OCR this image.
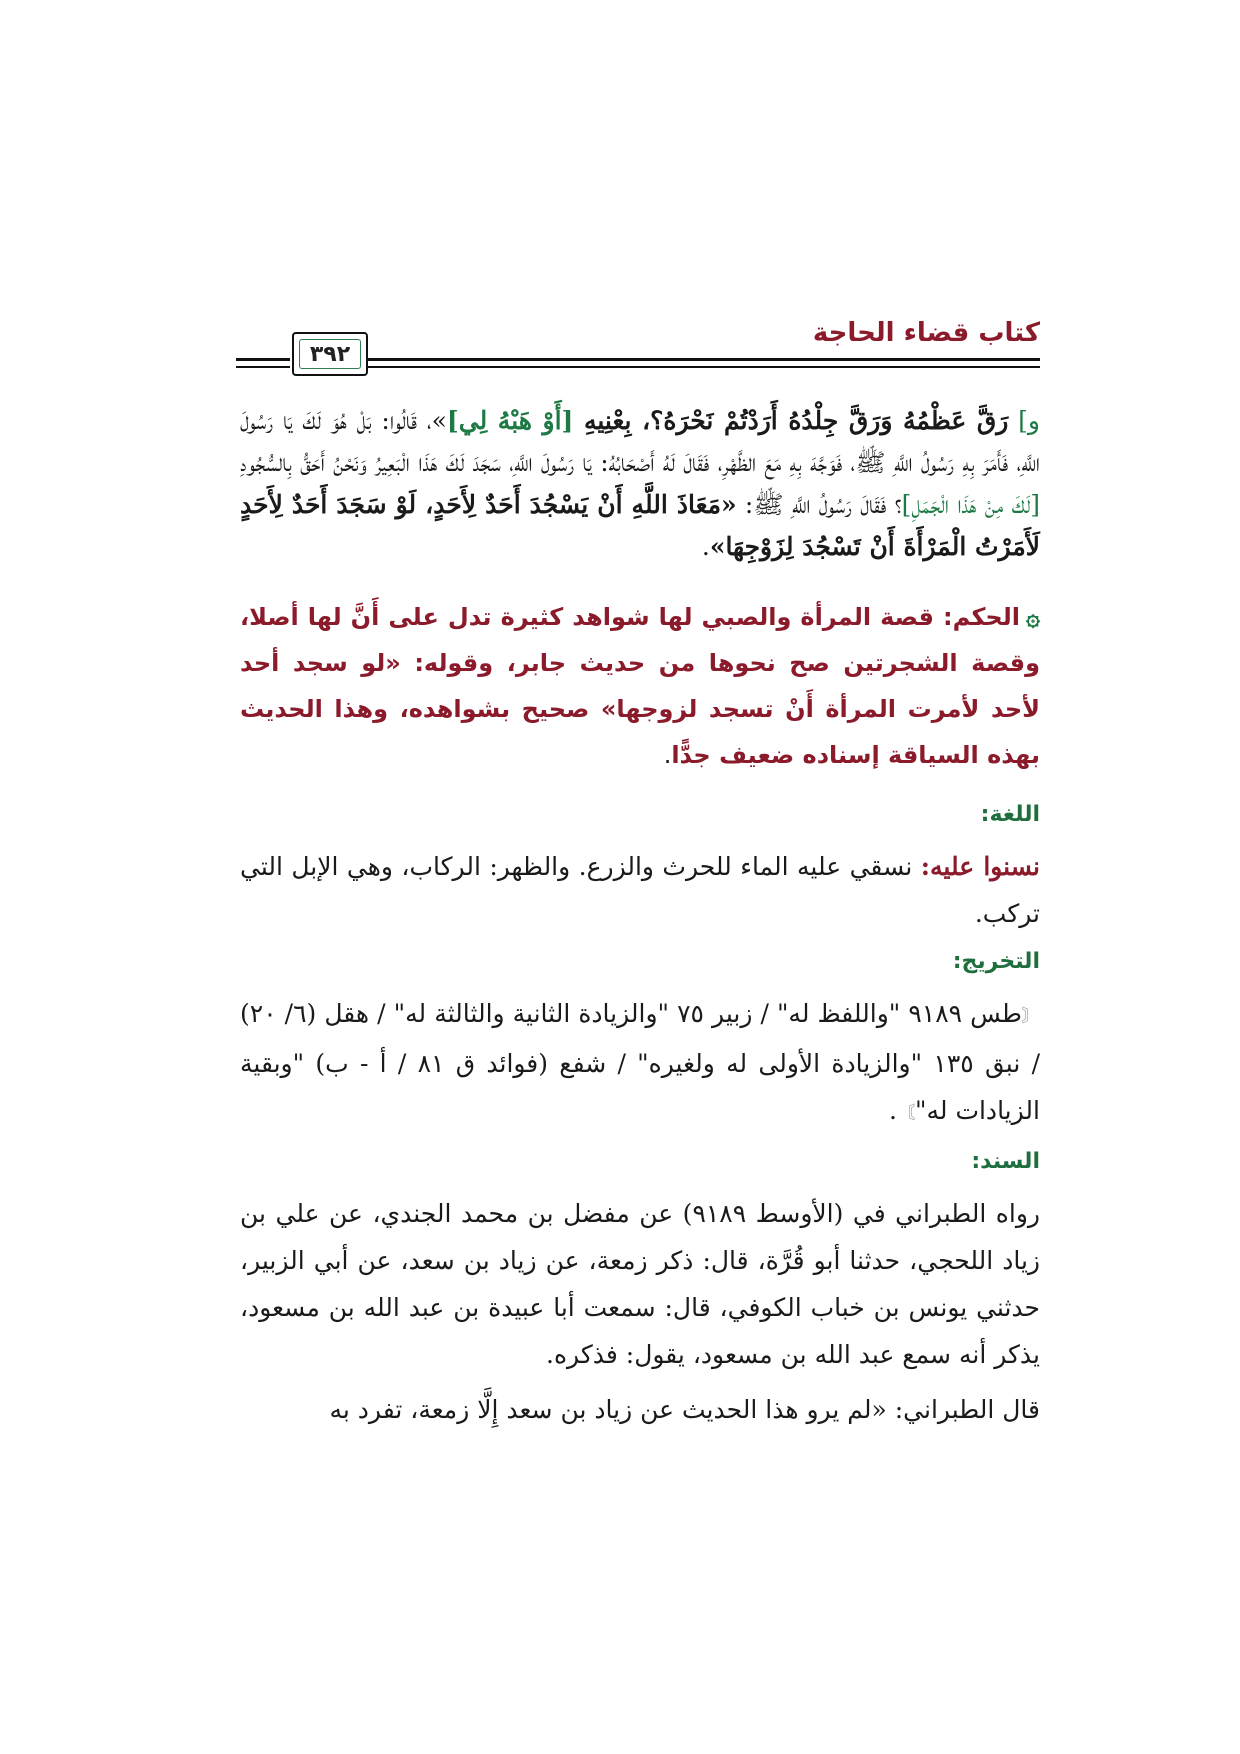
كتاب قضاء الحاجة
٣٩٢

و] رَقَّ عَظْمُهُ وَرَقَّ جِلْدُهُ أَرَدْتُمْ نَحْرَهُ؟، بِعْنِيهِ [أَوْ هَبْهُ لِي]»، قَالُوا: بَلْ هُوَ لَكَ يَا رَسُولَ اللَّهِ، فَأَمَرَ بِهِ رَسُولُ اللَّهِ ﷺ، فَوَجَّهَ بِهِ مَعَ الظَّهْرِ، فَقَالَ لَهُ أَصْحَابُهُ: يَا رَسُولَ اللَّهِ، سَجَدَ لَكَ هَذَا الْبَعِيرُ وَنَحْنُ أَحَقُّ بِالسُّجُودِ [لَكَ مِنْ هَذَا الْجَمَلِ]؟ فَقَالَ رَسُولُ اللَّهِ ﷺ: «مَعَاذَ اللَّهِ أَنْ يَسْجُدَ أَحَدٌ لِأَحَدٍ، لَوْ سَجَدَ أَحَدٌ لِأَحَدٍ لَأَمَرْتُ الْمَرْأَةَ أَنْ تَسْجُدَ لِزَوْجِهَا».

۞الحكم: قصة المرأة والصبي لها شواهد كثيرة تدل على أَنَّ لها أصلا، وقصة الشجرتين صح نحوها من حديث جابر، وقوله: «لو سجد أحد لأحد لأمرت المرأة أَنْ تسجد لزوجها» صحيح بشواهده، وهذا الحديث بهذه السياقة إسناده ضعيف جدًّا.

اللغة:

نسنوا عليه: نسقي عليه الماء للحرث والزرع. والظهر: الركاب، وهي الإبل التي تركب.

التخريج:

〘طس ٩١٨٩ "واللفظ له" / زبير ٧٥ "والزيادة الثانية والثالثة له" / هقل (٦/ ٢٠) / نبق ١٣٥ "والزيادة الأولى له ولغيره" / شفع (فوائد ق ٨١ / أ - ب) "وبقية الزيادات له"〙.

السند:

رواه الطبراني في (الأوسط ٩١٨٩) عن مفضل بن محمد الجندي، عن علي بن زياد اللحجي، حدثنا أبو قُرَّة، قال: ذكر زمعة، عن زياد بن سعد، عن أبي الزبير، حدثني يونس بن خباب الكوفي، قال: سمعت أبا عبيدة بن عبد الله بن مسعود، يذكر أنه سمع عبد الله بن مسعود، يقول: فذكره.

قال الطبراني: «لم يرو هذا الحديث عن زياد بن سعد إِلَّا زمعة، تفرد به
